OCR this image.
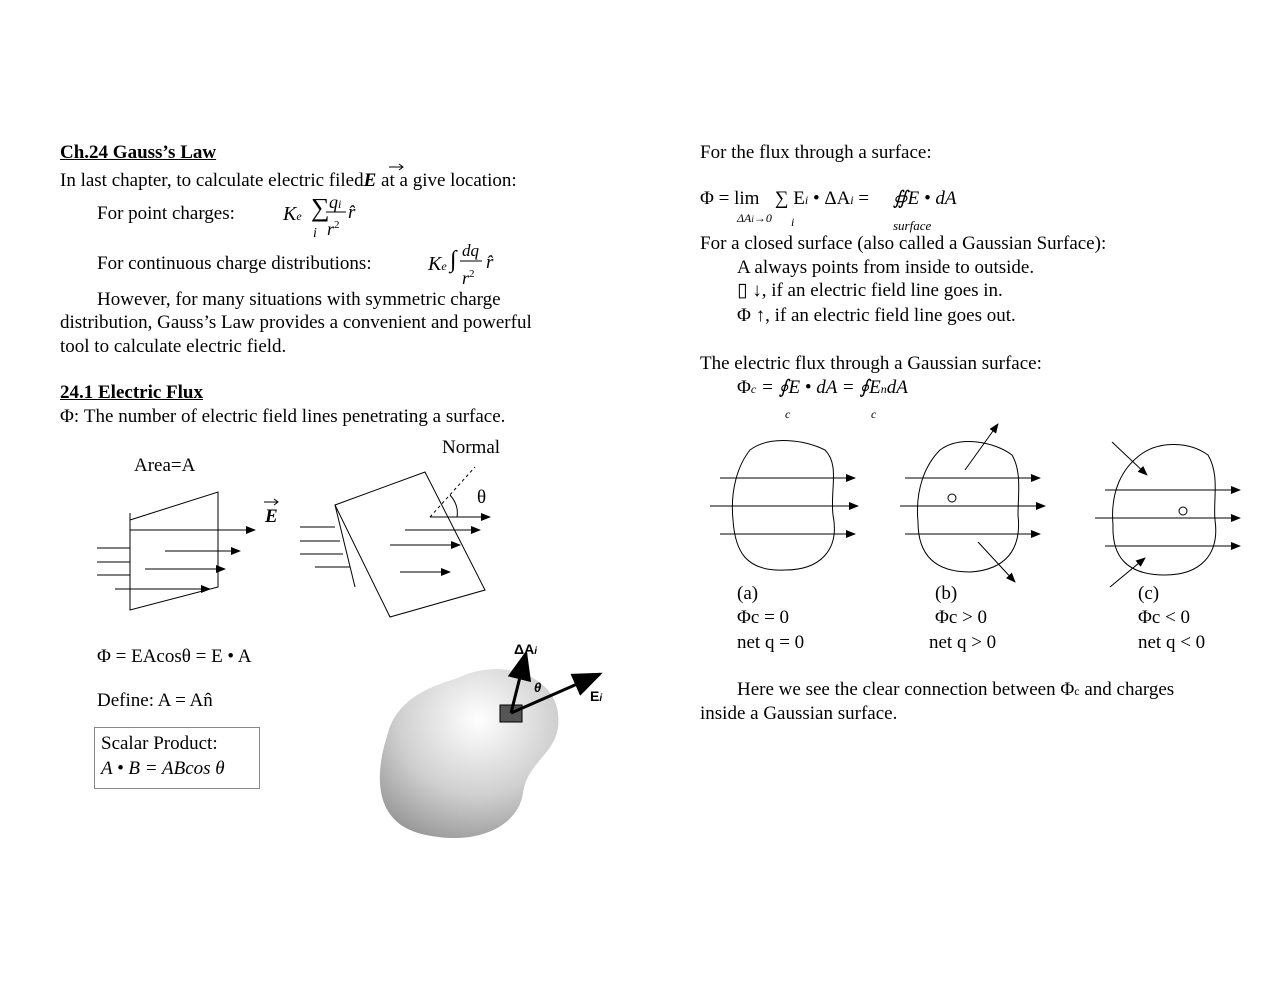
Ch.24 Gauss’s Law
In last chapter, to calculate electric filedE at a give location:
For point charges: Ke ∑
i
qi
$r^2$
r̂
For continuous charge distributions:	Ke ∫ dq
$r^2$
r̂
However, for many situations with symmetric charge
distribution, Gauss’s Law provides a convenient and powerful
tool to calculate electric field.
24.1 Electric Flux
Φ: The number of electric field lines penetrating a surface.
Normal
Area=A
E
θ
Φ = EAcosθ = E • A
Define: A = An̂
Scalar Product:
A • B = ABcos θ
ΔAi
θ
Ei
For the flux through a surface:
Φ = lim ∑ Ei • ΔAi = ∯E • dA
ΔAi→0 i	surface
For a closed surface (also called a Gaussian Surface):
A always points from inside to outside.
▯ ↓, if an electric field line goes in.
Φ ↑, if an electric field line goes out.
The electric flux through a Gaussian surface:
Φc = ∮E • dA = ∮EndA
c	c
(a)
Φc = 0
net q = 0
(b)
Φc > 0
net q > 0
(c)
Φc < 0
net q < 0
Here we see the clear connection between Φc and charges
inside a Gaussian surface.
